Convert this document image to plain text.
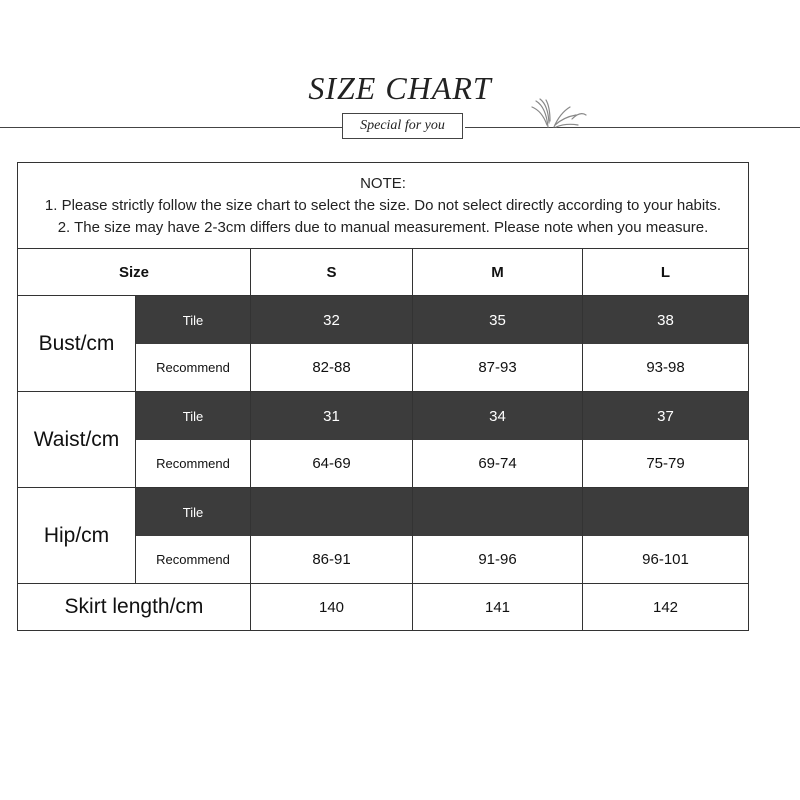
SIZE CHART
Special for you
NOTE:
1. Please strictly follow the size chart to select the size. Do not select directly according to your habits.
2. The size may have 2-3cm differs due to manual measurement. Please note when you measure.
Size	S	M	L
Bust/cm
Tile	32	35	38
Recommend	82-88	87-93	93-98
Waist/cm
Tile	31	34	37
Recommend	64-69	69-74	75-79
Hip/cm
Tile
Recommend	86-91	91-96	96-101
Skirt length/cm	140	141	142
